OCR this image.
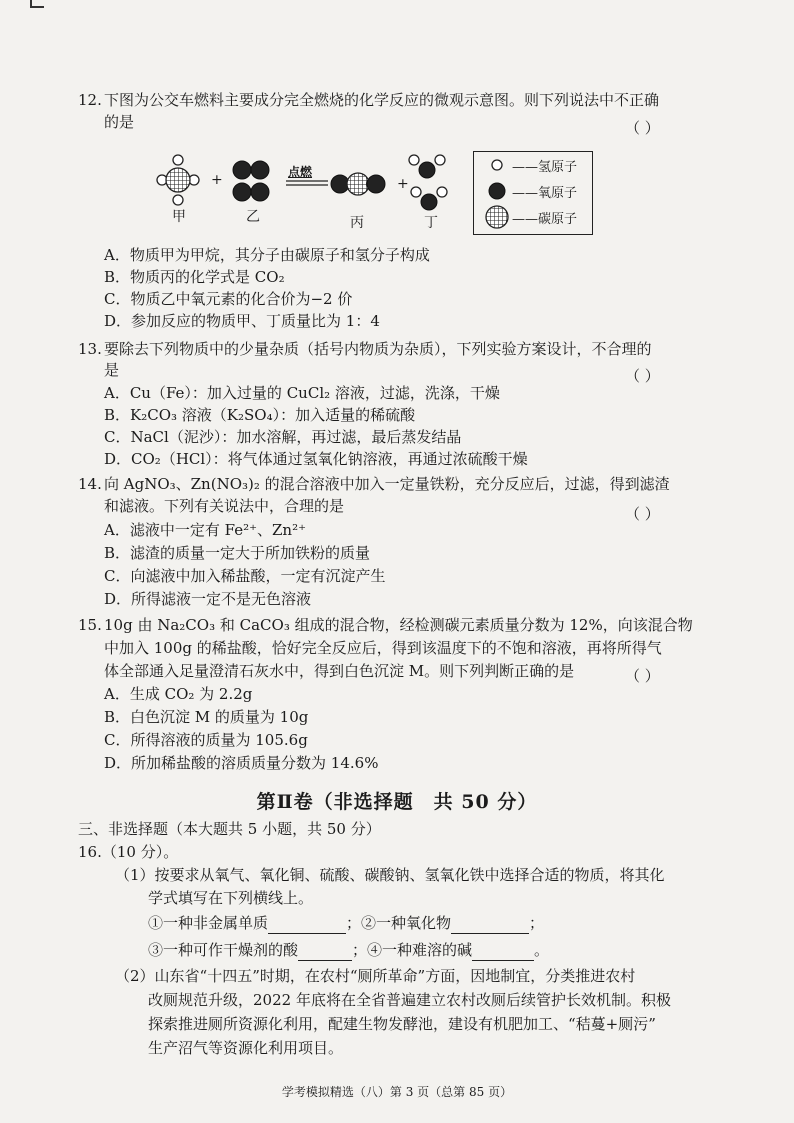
12. 下图为公交车燃料主要成分完全燃烧的化学反应的微观示意图。则下列说法中不正确
的是	（ ）
+	点燃
+
甲	乙	丙	丁
——氢原子
——氧原子
——碳原子
A．物质甲为甲烷，其分子由碳原子和氢分子构成
B．物质丙的化学式是 CO₂
C．物质乙中氧元素的化合价为−2 价
D．参加反应的物质甲、丁质量比为 1：4
13. 要除去下列物质中的少量杂质（括号内物质为杂质），下列实验方案设计，不合理的
是	（ ）
A．Cu（Fe）：加入过量的 CuCl₂ 溶液，过滤，洗涤，干燥
B．K₂CO₃ 溶液（K₂SO₄）：加入适量的稀硫酸
C．NaCl（泥沙）：加水溶解，再过滤，最后蒸发结晶
D．CO₂（HCl）：将气体通过氢氧化钠溶液，再通过浓硫酸干燥
14. 向 AgNO₃、Zn(NO₃)₂ 的混合溶液中加入一定量铁粉，充分反应后，过滤，得到滤渣
和滤液。下列有关说法中，合理的是	（ ）
A．滤液中一定有 Fe²⁺、Zn²⁺
B．滤渣的质量一定大于所加铁粉的质量
C．向滤液中加入稀盐酸，一定有沉淀产生
D．所得滤液一定不是无色溶液
15. 10g 由 Na₂CO₃ 和 CaCO₃ 组成的混合物，经检测碳元素质量分数为 12%，向该混合物
中加入 100g 的稀盐酸，恰好完全反应后，得到该温度下的不饱和溶液，再将所得气
体全部通入足量澄清石灰水中，得到白色沉淀 M。则下列判断正确的是	（ ）
A．生成 CO₂ 为 2.2g
B．白色沉淀 M 的质量为 10g
C．所得溶液的质量为 105.6g
D．所加稀盐酸的溶质质量分数为 14.6%
第Ⅱ卷（非选择题　共 50 分）
三、非选择题（本大题共 5 小题，共 50 分）
16.（10 分）。
（1）按要求从氧气、氧化铜、硫酸、碳酸钠、氢氧化铁中选择合适的物质，将其化
学式填写在下列横线上。
①一种非金属单质	；②一种氧化物	；
③一种可作干燥剂的酸	；④一种难溶的碱	。
（2）山东省“十四五”时期，在农村“厕所革命”方面，因地制宜，分类推进农村
改厕规范升级，2022 年底将在全省普遍建立农村改厕后续管护长效机制。积极
探索推进厕所资源化利用，配建生物发酵池，建设有机肥加工、“秸蔓+厕污”
生产沼气等资源化利用项目。
学考模拟精选（八）第 3 页（总第 85 页）
